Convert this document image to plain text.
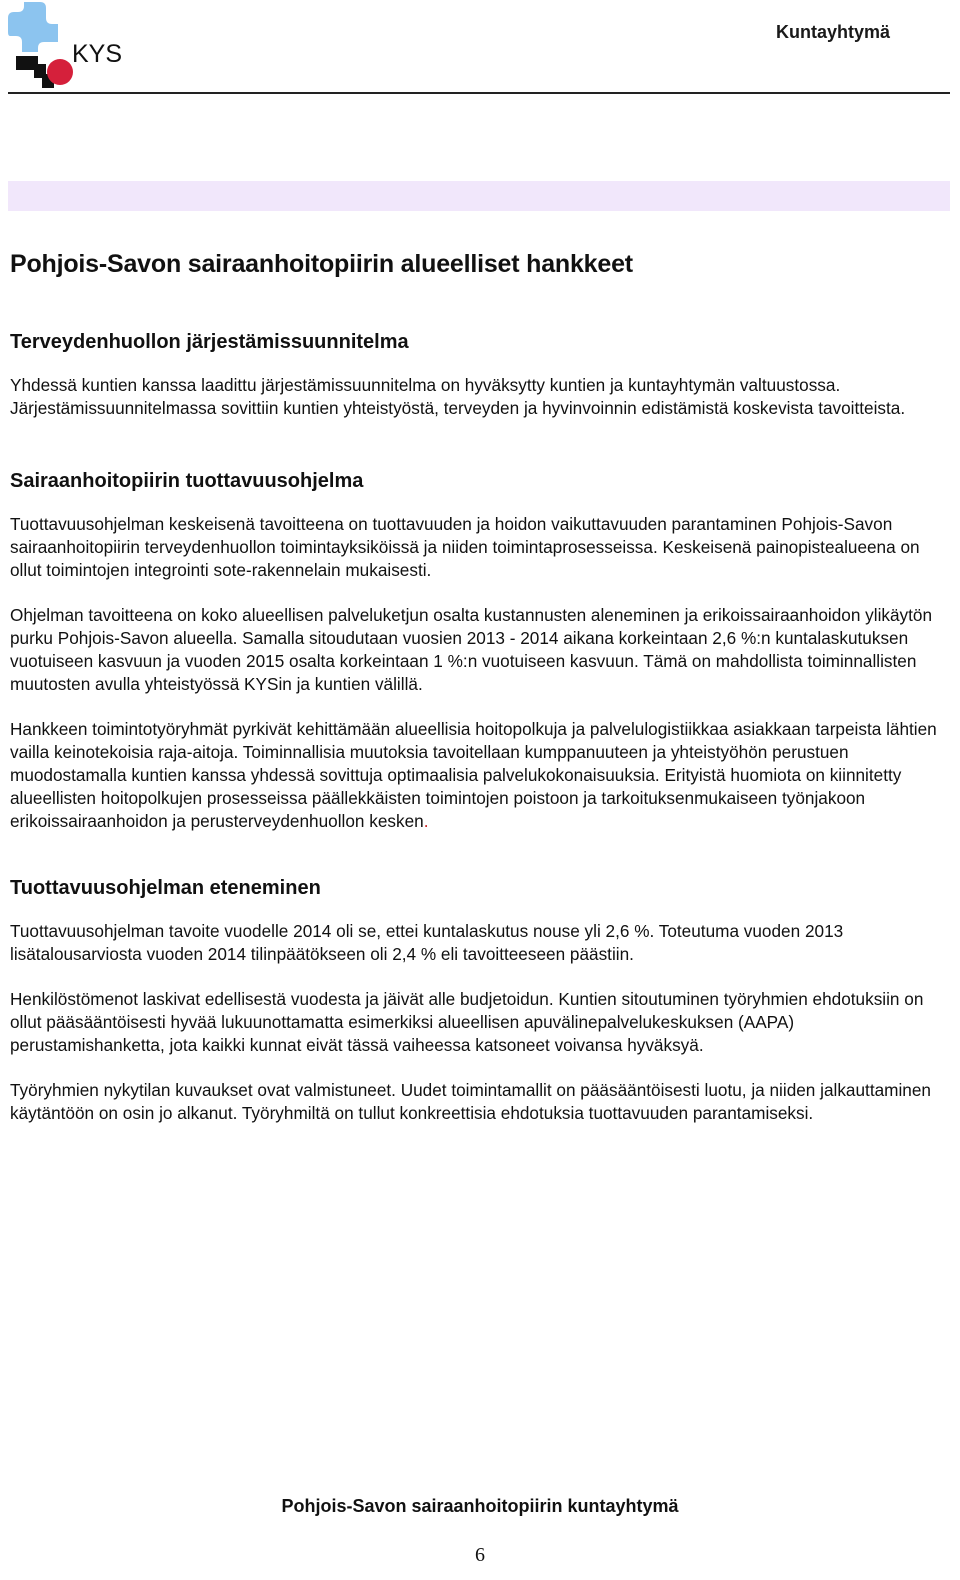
KYS
Kuntayhtymä
Pohjois-Savon sairaanhoitopiirin alueelliset hankkeet
Terveydenhuollon järjestämissuunnitelma

Yhdessä kuntien kanssa laadittu järjestämissuunnitelma on hyväksytty kuntien ja kuntayhtymän valtuustossa. Järjestämissuunnitelmassa sovittiin kuntien yhteistyöstä, terveyden ja hyvinvoinnin edistämistä koskevista tavoitteista.

Sairaanhoitopiirin tuottavuusohjelma

Tuottavuusohjelman keskeisenä tavoitteena on tuottavuuden ja hoidon vaikuttavuuden parantaminen Pohjois-Savon sairaanhoitopiirin terveydenhuollon toimintayksiköissä ja niiden toimintaprosesseissa. Keskeisenä painopistealueena on ollut toimintojen integrointi sote-rakennelain mukaisesti.

Ohjelman tavoitteena on koko alueellisen palveluketjun osalta kustannusten aleneminen ja erikoissairaanhoidon ylikäytön purku Pohjois-Savon alueella. Samalla sitoudutaan vuosien 2013 - 2014 aikana korkeintaan 2,6 %:n kuntalaskutuksen vuotuiseen kasvuun ja vuoden 2015 osalta korkeintaan 1 %:n vuotuiseen kasvuun. Tämä on mahdollista toiminnallisten muutosten avulla yhteistyössä KYSin ja kuntien välillä.

Hankkeen toimintotyöryhmät pyrkivät kehittämään alueellisia hoitopolkuja ja palvelulogistiikkaa asiakkaan tarpeista lähtien vailla keinotekoisia raja-aitoja. Toiminnallisia muutoksia tavoitellaan kumppanuuteen ja yhteistyöhön perustuen muodostamalla kuntien kanssa yhdessä sovittuja optimaalisia palvelukokonaisuuksia. Erityistä huomiota on kiinnitetty alueellisten hoitopolkujen prosesseissa päällekkäisten toimintojen poistoon ja tarkoituksenmukaiseen työnjakoon erikoissairaanhoidon ja perusterveydenhuollon kesken.

Tuottavuusohjelman eteneminen

Tuottavuusohjelman tavoite vuodelle 2014 oli se, ettei kuntalaskutus nouse yli 2,6 %. Toteutuma vuoden 2013 lisätalousarviosta vuoden 2014 tilinpäätökseen oli 2,4 % eli tavoitteeseen päästiin.

Henkilöstömenot laskivat edellisestä vuodesta ja jäivät alle budjetoidun. Kuntien sitoutuminen työryhmien ehdotuksiin on ollut pääsääntöisesti hyvää lukuunottamatta esimerkiksi alueellisen apuvälinepalvelukeskuksen (AAPA) perustamishanketta, jota kaikki kunnat eivät tässä vaiheessa katsoneet voivansa hyväksyä.

Työryhmien nykytilan kuvaukset ovat valmistuneet. Uudet toimintamallit on pääsääntöisesti luotu, ja niiden jalkauttaminen käytäntöön on osin jo alkanut. Työryhmiltä on tullut konkreettisia ehdotuksia tuottavuuden parantamiseksi.

Pohjois-Savon sairaanhoitopiirin kuntayhtymä
6
